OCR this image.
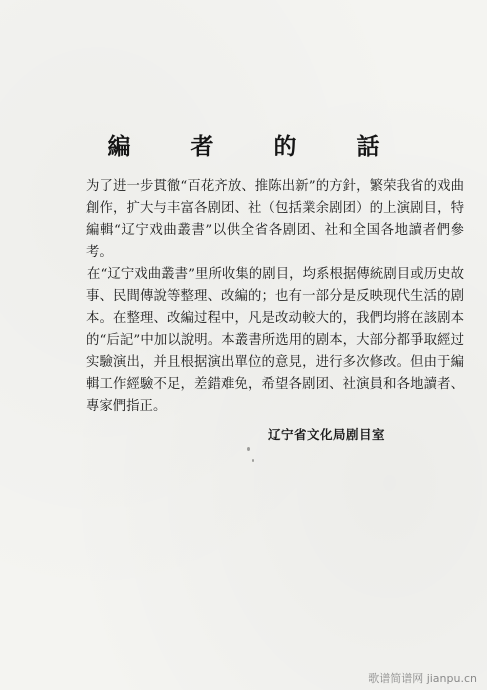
編 者 的 話

为了进一步貫徹“百花齐放、推陈出新”的方針，繁荣我省的戏曲創作，扩大与丰富各剧团、社（包括業余剧团）的上演剧目，特編輯“辽宁戏曲叢書”以供全省各剧团、社和全国各地讀者們參考。

在“辽宁戏曲叢書”里所收集的剧目，均系根据傳統剧目或历史故事、民間傳說等整理、改編的；也有一部分是反映现代生活的剧本。在整理、改編过程中，凡是改动較大的，我們均將在該剧本的“后記”中加以說明。本叢書所选用的剧本，大部分都爭取經过实驗演出，并且根据演出單位的意見，进行多次修改。但由于編輯工作經驗不足，差錯难免，希望各剧团、社演員和各地讀者、專家們指正。

辽宁省文化局剧目室
歌谱简谱网 jianpu.cn
